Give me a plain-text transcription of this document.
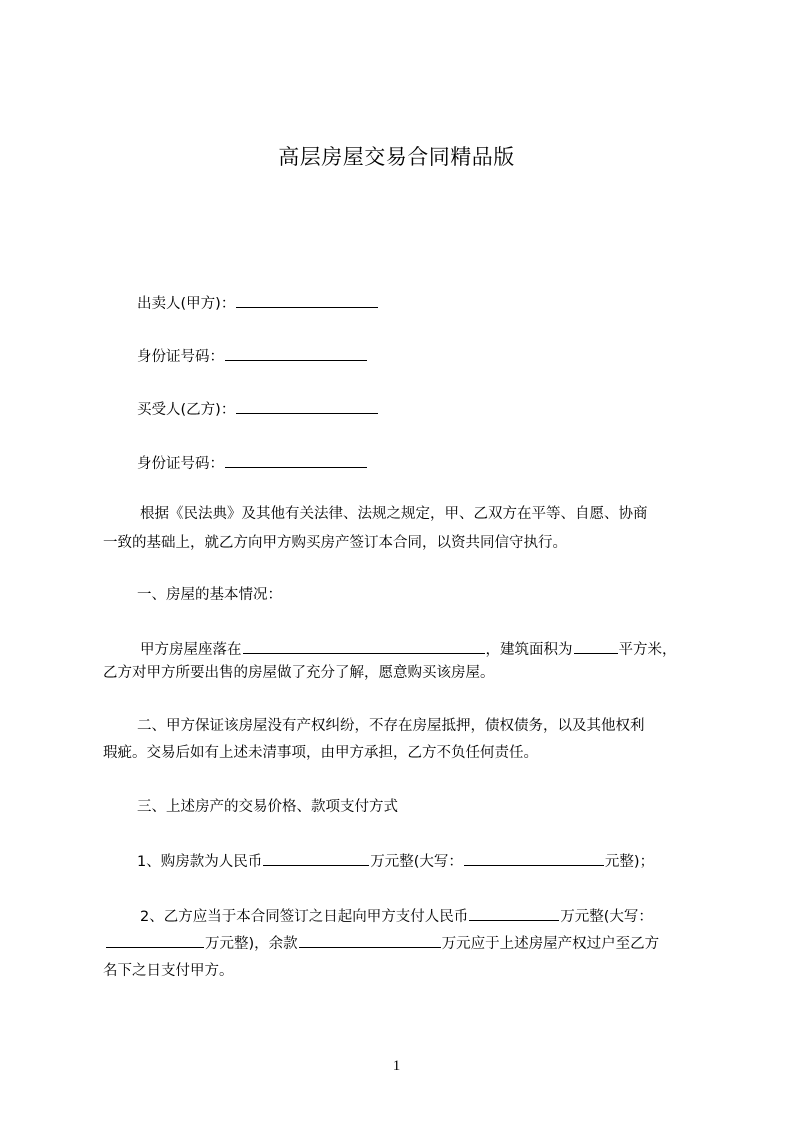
高层房屋交易合同精品版
出卖人(甲方)：
身份证号码：
买受人(乙方)：
身份证号码：
根据《民法典》及其他有关法律、法规之规定，甲、乙双方在平等、自愿、协商
一致的基础上，就乙方向甲方购买房产签订本合同，以资共同信守执行。
一、房屋的基本情况：
甲方房屋座落在	，建筑面积为	平方米，
乙方对甲方所要出售的房屋做了充分了解，愿意购买该房屋。
二、甲方保证该房屋没有产权纠纷，不存在房屋抵押，债权债务，以及其他权利
瑕疵。交易后如有上述未清事项，由甲方承担，乙方不负任何责任。
三、上述房产的交易价格、款项支付方式
1、购房款为人民币	万元整(大写：	元整)；
2、乙方应当于本合同签订之日起向甲方支付人民币	万元整(大写：
万元整)，余款	万元应于上述房屋产权过户至乙方
名下之日支付甲方。
1
